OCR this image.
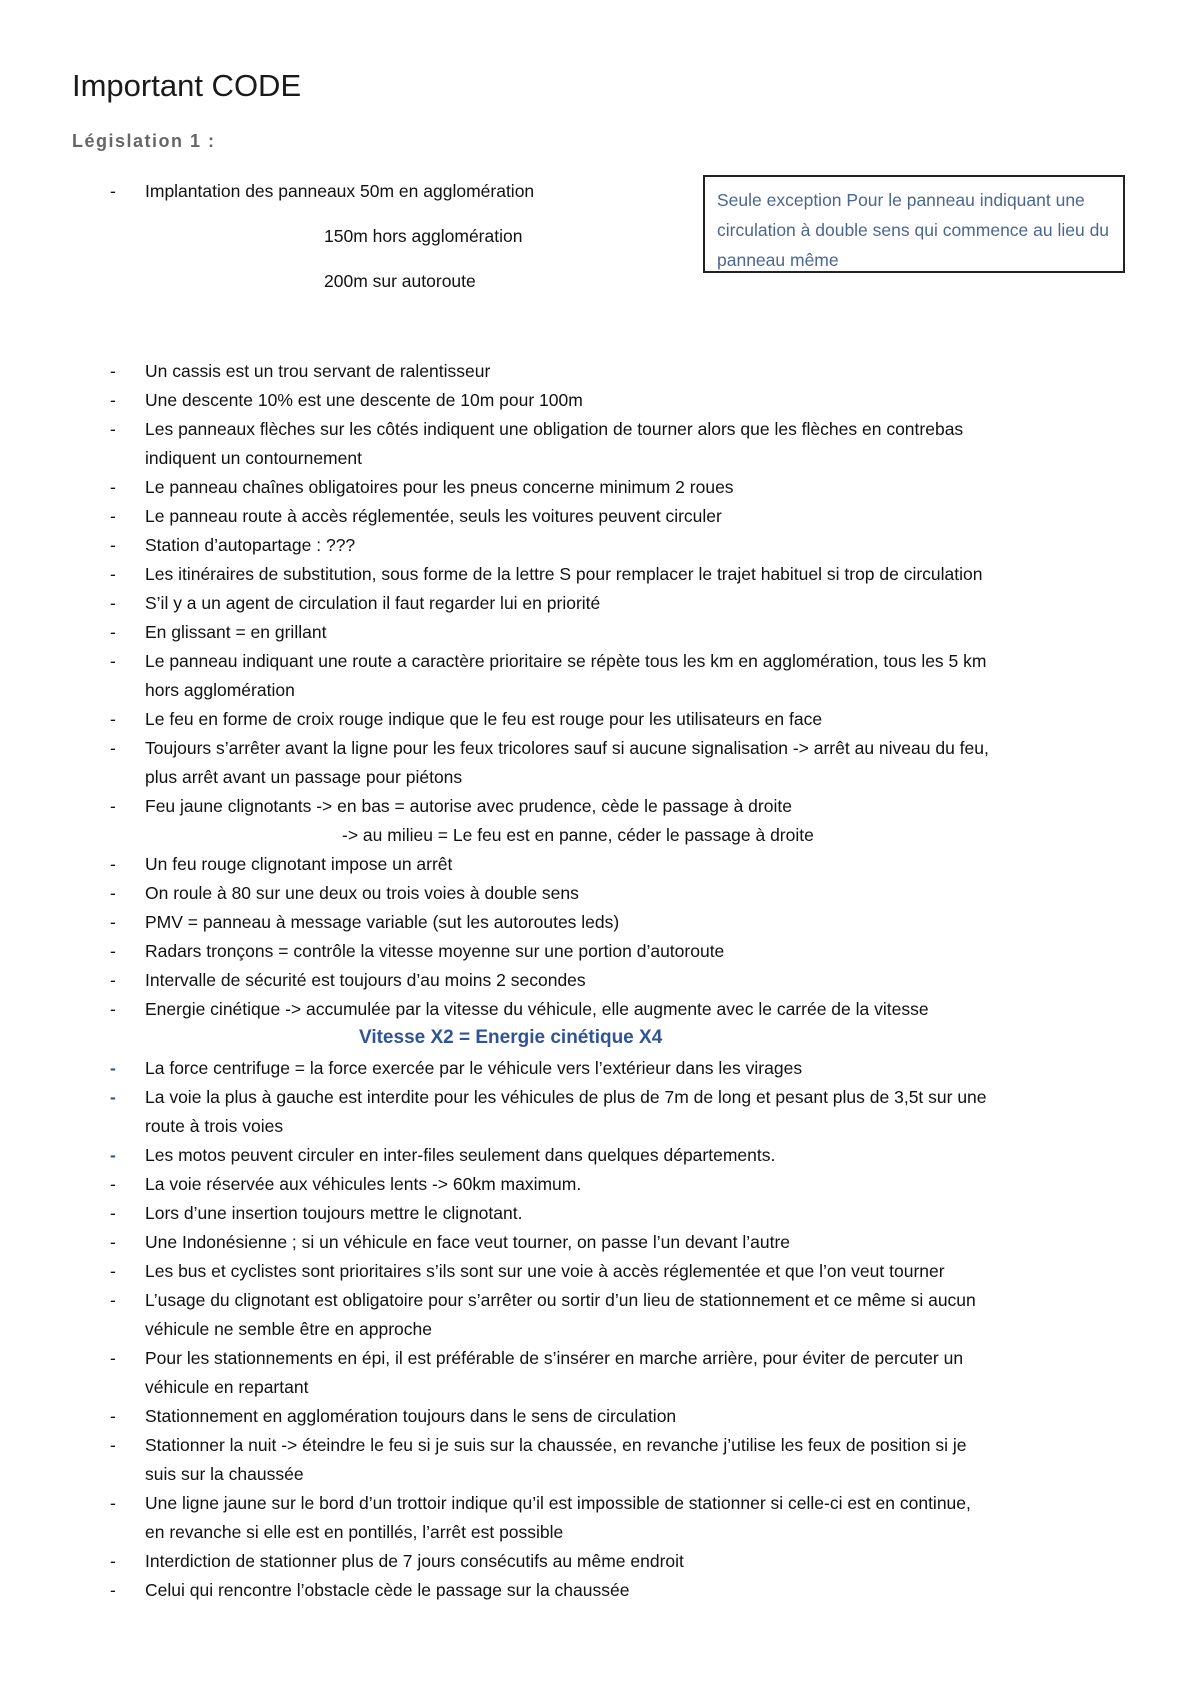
Important CODE
Législation 1 :
Seule exception Pour le panneau indiquant une circulation à double sens qui commence au lieu du panneau même
- Implantation des panneaux 50m en agglomération
150m hors agglomération
200m sur autoroute
- Un cassis est un trou servant de ralentisseur
- Une descente 10% est une descente de 10m pour 100m
- Les panneaux flèches sur les côtés indiquent une obligation de tourner alors que les flèches en contrebas
indiquent un contournement
- Le panneau chaînes obligatoires pour les pneus concerne minimum 2 roues
- Le panneau route à accès réglementée, seuls les voitures peuvent circuler
- Station d’autopartage : ???
- Les itinéraires de substitution, sous forme de la lettre S pour remplacer le trajet habituel si trop de circulation
- S’il y a un agent de circulation il faut regarder lui en priorité
- En glissant = en grillant
- Le panneau indiquant une route a caractère prioritaire se répète tous les km en agglomération, tous les 5 km
hors agglomération
- Le feu en forme de croix rouge indique que le feu est rouge pour les utilisateurs en face
- Toujours s’arrêter avant la ligne pour les feux tricolores sauf si aucune signalisation -> arrêt au niveau du feu,
plus arrêt avant un passage pour piétons
- Feu jaune clignotants -> en bas = autorise avec prudence, cède le passage à droite
-> au milieu = Le feu est en panne, céder le passage à droite
- Un feu rouge clignotant impose un arrêt
- On roule à 80 sur une deux ou trois voies à double sens
- PMV = panneau à message variable (sut les autoroutes leds)
- Radars tronçons = contrôle la vitesse moyenne sur une portion d’autoroute
- Intervalle de sécurité est toujours d’au moins 2 secondes
- Energie cinétique -> accumulée par la vitesse du véhicule, elle augmente avec le carrée de la vitesse
- La force centrifuge = la force exercée par le véhicule vers l’extérieur dans les virages
- La voie la plus à gauche est interdite pour les véhicules de plus de 7m de long et pesant plus de 3,5t sur une
route à trois voies
- Les motos peuvent circuler en inter-files seulement dans quelques départements.
- La voie réservée aux véhicules lents -> 60km maximum.
- Lors d’une insertion toujours mettre le clignotant.
- Une Indonésienne ; si un véhicule en face veut tourner, on passe l’un devant l’autre
- Les bus et cyclistes sont prioritaires s’ils sont sur une voie à accès réglementée et que l’on veut tourner
- L’usage du clignotant est obligatoire pour s’arrêter ou sortir d’un lieu de stationnement et ce même si aucun
véhicule ne semble être en approche
- Pour les stationnements en épi, il est préférable de s’insérer en marche arrière, pour éviter de percuter un
véhicule en repartant
- Stationnement en agglomération toujours dans le sens de circulation
- Stationner la nuit -> éteindre le feu si je suis sur la chaussée, en revanche j’utilise les feux de position si je
suis sur la chaussée
- Une ligne jaune sur le bord d’un trottoir indique qu’il est impossible de stationner si celle-ci est en continue,
en revanche si elle est en pontillés, l’arrêt est possible
- Interdiction de stationner plus de 7 jours consécutifs au même endroit
- Celui qui rencontre l’obstacle cède le passage sur la chaussée
Vitesse X2 = Energie cinétique X4
